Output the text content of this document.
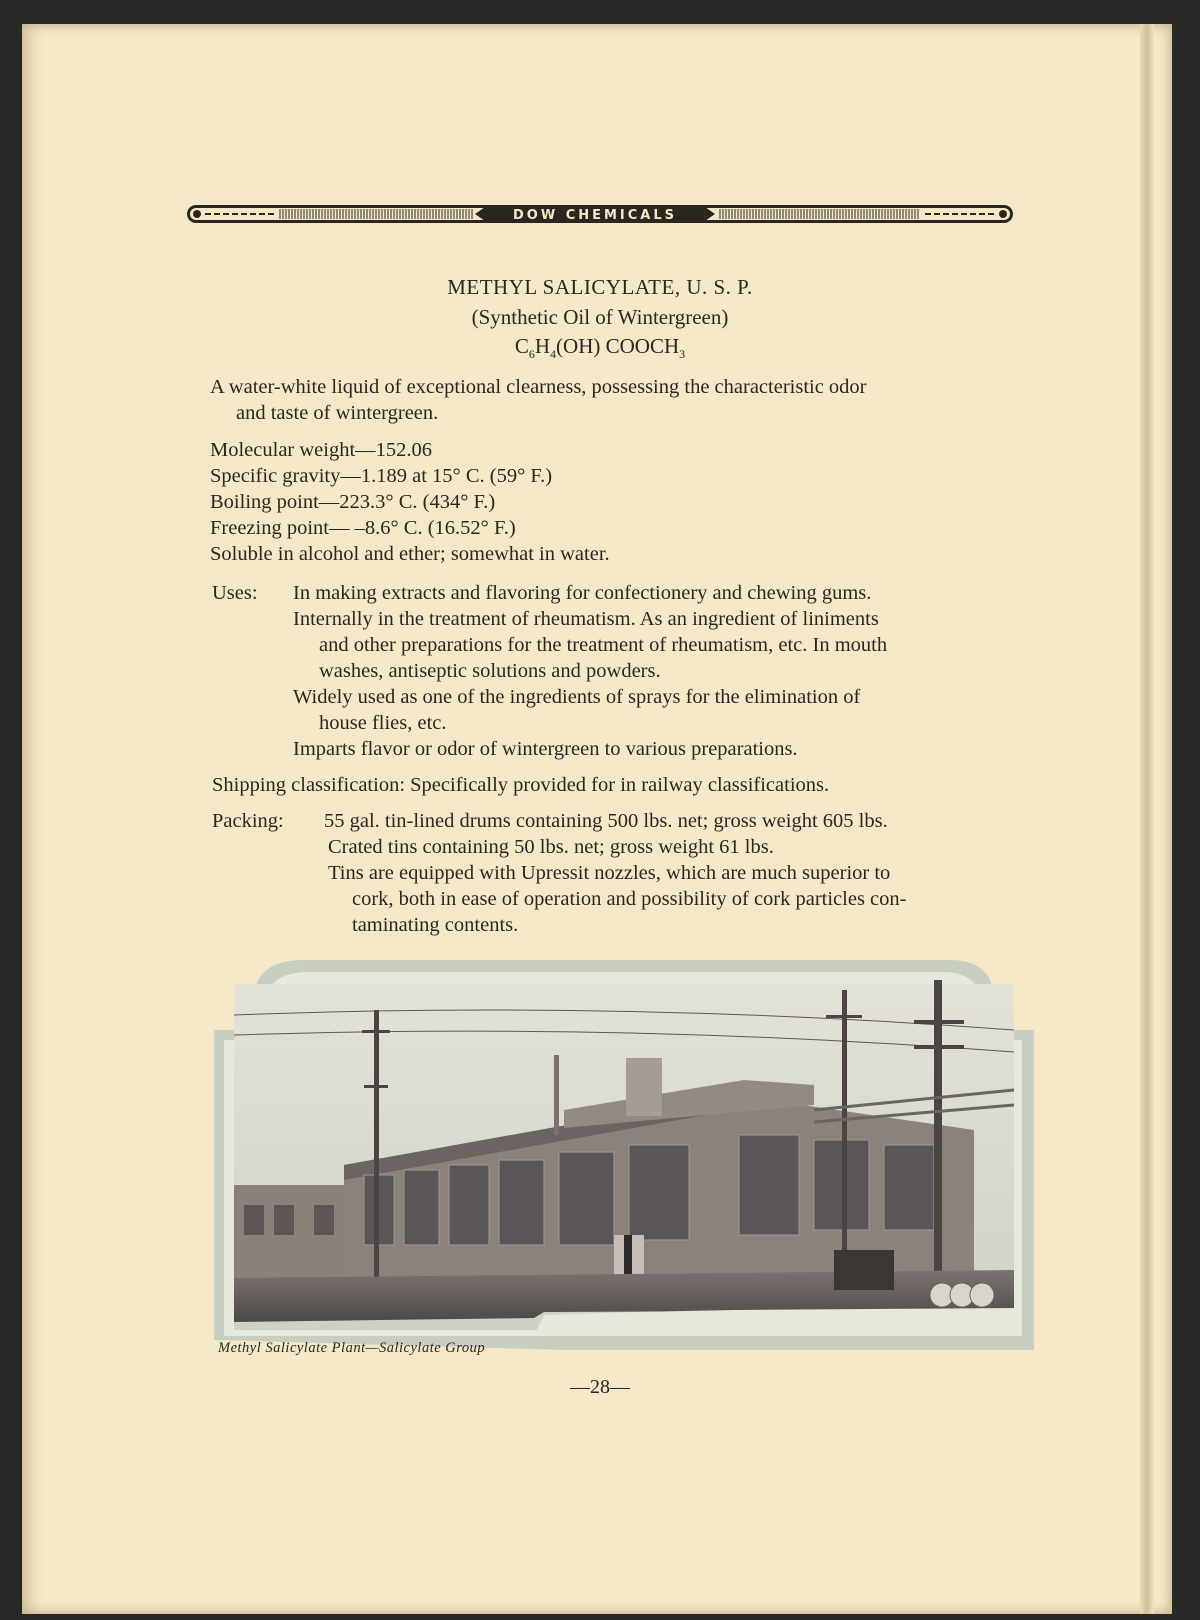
DOW CHEMICALS
METHYL SALICYLATE, U. S. P.
(Synthetic Oil of Wintergreen)
$C_6H_4(OH)$ $COOCH_3$
A water-white liquid of exceptional clearness, possessing the characteristic odor
and taste of wintergreen.
Molecular weight—152.06
Specific gravity—1.189 at 15° C. (59° F.)
Boiling point—223.3° C. (434° F.)
Freezing point— –8.6° C. (16.52° F.)
Soluble in alcohol and ether; somewhat in water.
Uses: In making extracts and flavoring for confectionery and chewing gums.
Internally in the treatment of rheumatism. As an ingredient of liniments
and other preparations for the treatment of rheumatism, etc. In mouth
washes, antiseptic solutions and powders.
Widely used as one of the ingredients of sprays for the elimination of
house flies, etc.
Imparts flavor or odor of wintergreen to various preparations.
Shipping classification: Specifically provided for in railway classifications.
Packing: 55 gal. tin-lined drums containing 500 lbs. net; gross weight 605 lbs.
Crated tins containing 50 lbs. net; gross weight 61 lbs.
Tins are equipped with Upressit nozzles, which are much superior to
cork, both in ease of operation and possibility of cork particles con-
taminating contents.
Methyl Salicylate Plant—Salicylate Group
—28—
